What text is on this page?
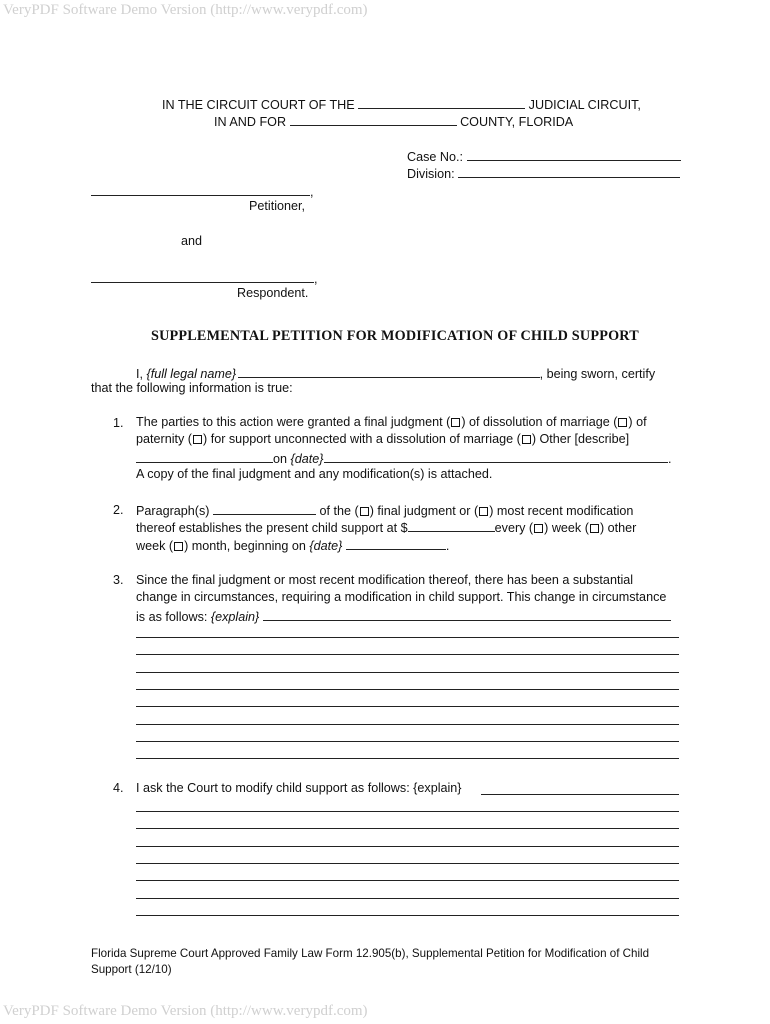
VeryPDF Software Demo Version (http://www.verypdf.com)
VeryPDF Software Demo Version (http://www.verypdf.com)
IN THE CIRCUIT COURT OF THE	JUDICIAL CIRCUIT,
IN AND FOR	COUNTY, FLORIDA
Case No.:
Division:
,
Petitioner,
and
,
Respondent.
SUPPLEMENTAL PETITION FOR MODIFICATION OF CHILD SUPPORT
I, {full legal name}	, being sworn, certify
that the following information is true:
1. The parties to this action were granted a final judgment ( ) of dissolution of marriage ( ) of
paternity ( ) for support unconnected with a dissolution of marriage ( ) Other [describe]
on {date}	.
A copy of the final judgment and any modification(s) is attached.
2. Paragraph(s)	of the ( ) final judgment or ( ) most recent modification
thereof establishes the present child support at $	every ( ) week ( ) other
week ( ) month, beginning on {date}	.
3. Since the final judgment or most recent modification thereof, there has been a substantial
change in circumstances, requiring a modification in child support. This change in circumstance
is as follows: {explain}
4. I ask the Court to modify child support as follows: {explain}
Florida Supreme Court Approved Family Law Form 12.905(b), Supplemental Petition for Modification of Child
Support (12/10)
